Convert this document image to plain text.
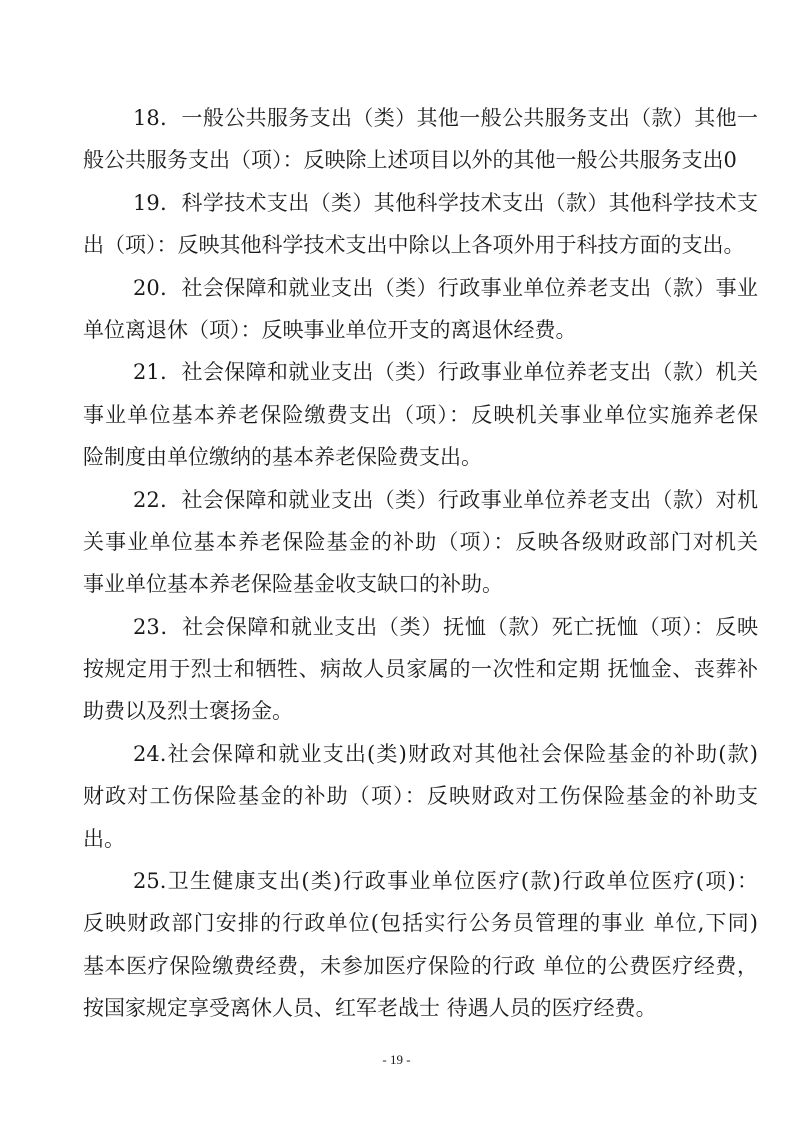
18．一般公共服务支出（类）其他一般公共服务支出（款）其他一
般公共服务支出（项）：反映除上述项目以外的其他一般公共服务支出0
19．科学技术支出（类）其他科学技术支出（款）其他科学技术支
出（项）：反映其他科学技术支出中除以上各项外用于科技方面的支出。
20．社会保障和就业支出（类）行政事业单位养老支出（款）事业
单位离退休（项）：反映事业单位开支的离退休经费。
21．社会保障和就业支出（类）行政事业单位养老支出（款）机关
事业单位基本养老保险缴费支出（项）：反映机关事业单位实施养老保
险制度由单位缴纳的基本养老保险费支出。
22．社会保障和就业支出（类）行政事业单位养老支出（款）对机
关事业单位基本养老保险基金的补助（项）：反映各级财政部门对机关
事业单位基本养老保险基金收支缺口的补助。
23．社会保障和就业支出（类）抚恤（款）死亡抚恤（项）：反映
按规定用于烈士和牺牲、病故人员家属的一次性和定期 抚恤金、丧葬补
助费以及烈士褒扬金。
24.社会保障和就业支出(类)财政对其他社会保险基金的补助(款)
财政对工伤保险基金的补助（项）：反映财政对工伤保险基金的补助支
出。
25.卫生健康支出(类)行政事业单位医疗(款)行政单位医疗(项)：
反映财政部门安排的行政单位(包括实行公务员管理的事业 单位,下同)
基本医疗保险缴费经费，未参加医疗保险的行政 单位的公费医疗经费，
按国家规定享受离休人员、红军老战士 待遇人员的医疗经费。
- 19 -
